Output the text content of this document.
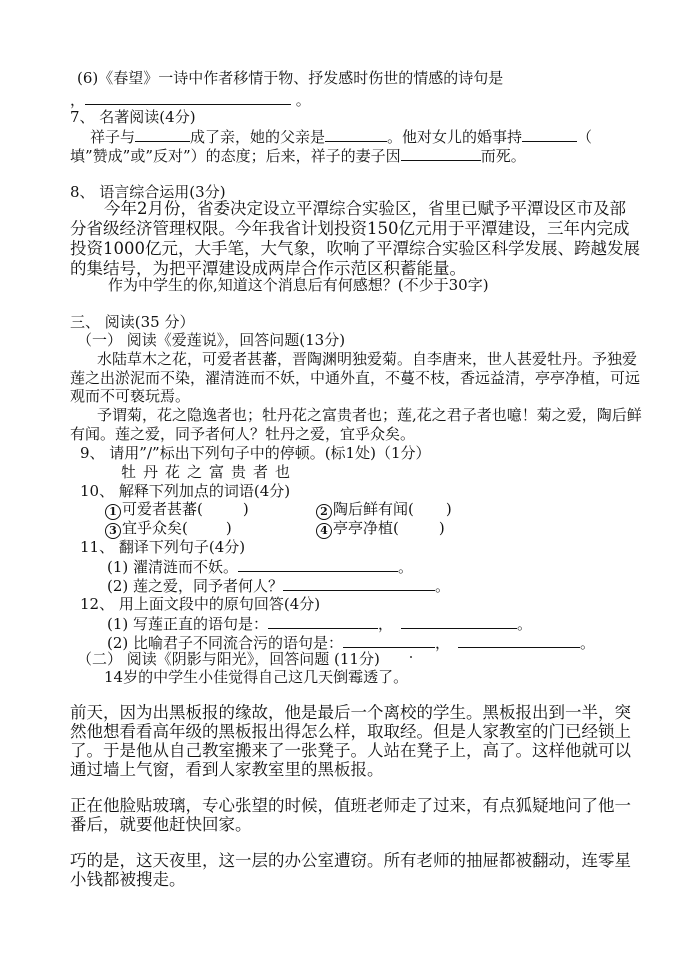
(6)《春望》一诗中作者移情于物、抒发感时伤世的情感的诗句是
，	。
7、 名著阅读(4分)
祥子与	成了亲，她的父亲是	。他对女儿的婚事持	（
填”赞成”或”反对”）的态度；后来，祥子的妻子因	而死。
8、 语言综合运用(3分)
今年2月份，省委决定设立平潭综合实验区，省里已赋予平潭设区市及部
分省级经济管理权限。今年我省计划投资150亿元用于平潭建设，三年内完成
投资1000亿元，大手笔，大气象，吹响了平潭综合实验区科学发展、跨越发展
的集结号，为把平潭建设成两岸合作示范区积蓄能量。
作为中学生的你,知道这个消息后有何感想？(不少于30字)
三、 阅读(35 分）
（一） 阅读《爱莲说》，回答问题(13分)
水陆草木之花，可爱者甚蕃，晋陶渊明独爱菊。自李唐来，世人甚爱牡丹。予独爱
莲之出淤泥而不染，濯清涟而不妖，中通外直，不蔓不枝，香远益清，亭亭净植，可远
观而不可亵玩焉。
予谓菊，花之隐逸者也；牡丹花之富贵者也；莲,花之君子者也噫！菊之爱，陶后鲜
有闻。莲之爱，同予者何人？牡丹之爱，宜乎众矣。
9、 请用”/”标出下列句子中的停顿。(标1处)（1分）
牡丹花之富贵者也
10、 解释下列加点的词语(4分)
1 可爱者甚蕃(	)	2 陶后鲜有闻( )
3 宜乎众矣(	)	4 亭亭净植(	)
11、 翻译下列句子(4分)
(1) 濯清涟而不妖。	。
(2) 莲之爱，同予者何人？	。
12、 用上面文段中的原句回答(4分)
(1) 写莲正直的语句是：	，	。
(2) 比喻君子不同流合污的语句是：	，	。
（二） 阅读《阴影与阳光》，回答问题 (11分)
14岁的中学生小佳觉得自己这几天倒霉透了。
前天，因为出黑板报的缘故，他是最后一个离校的学生。黑板报出到一半，突
然他想看看高年级的黑板报出得怎么样，取取经。但是人家教室的门已经锁上
了。于是他从自己教室搬来了一张凳子。人站在凳子上，高了。这样他就可以
通过墙上气窗，看到人家教室里的黑板报。
正在他脸贴玻璃，专心张望的时候，值班老师走了过来，有点狐疑地问了他一
番后，就要他赶快回家。
巧的是，这天夜里，这一层的办公室遭窃。所有老师的抽屉都被翻动，连零星
小钱都被搜走。
